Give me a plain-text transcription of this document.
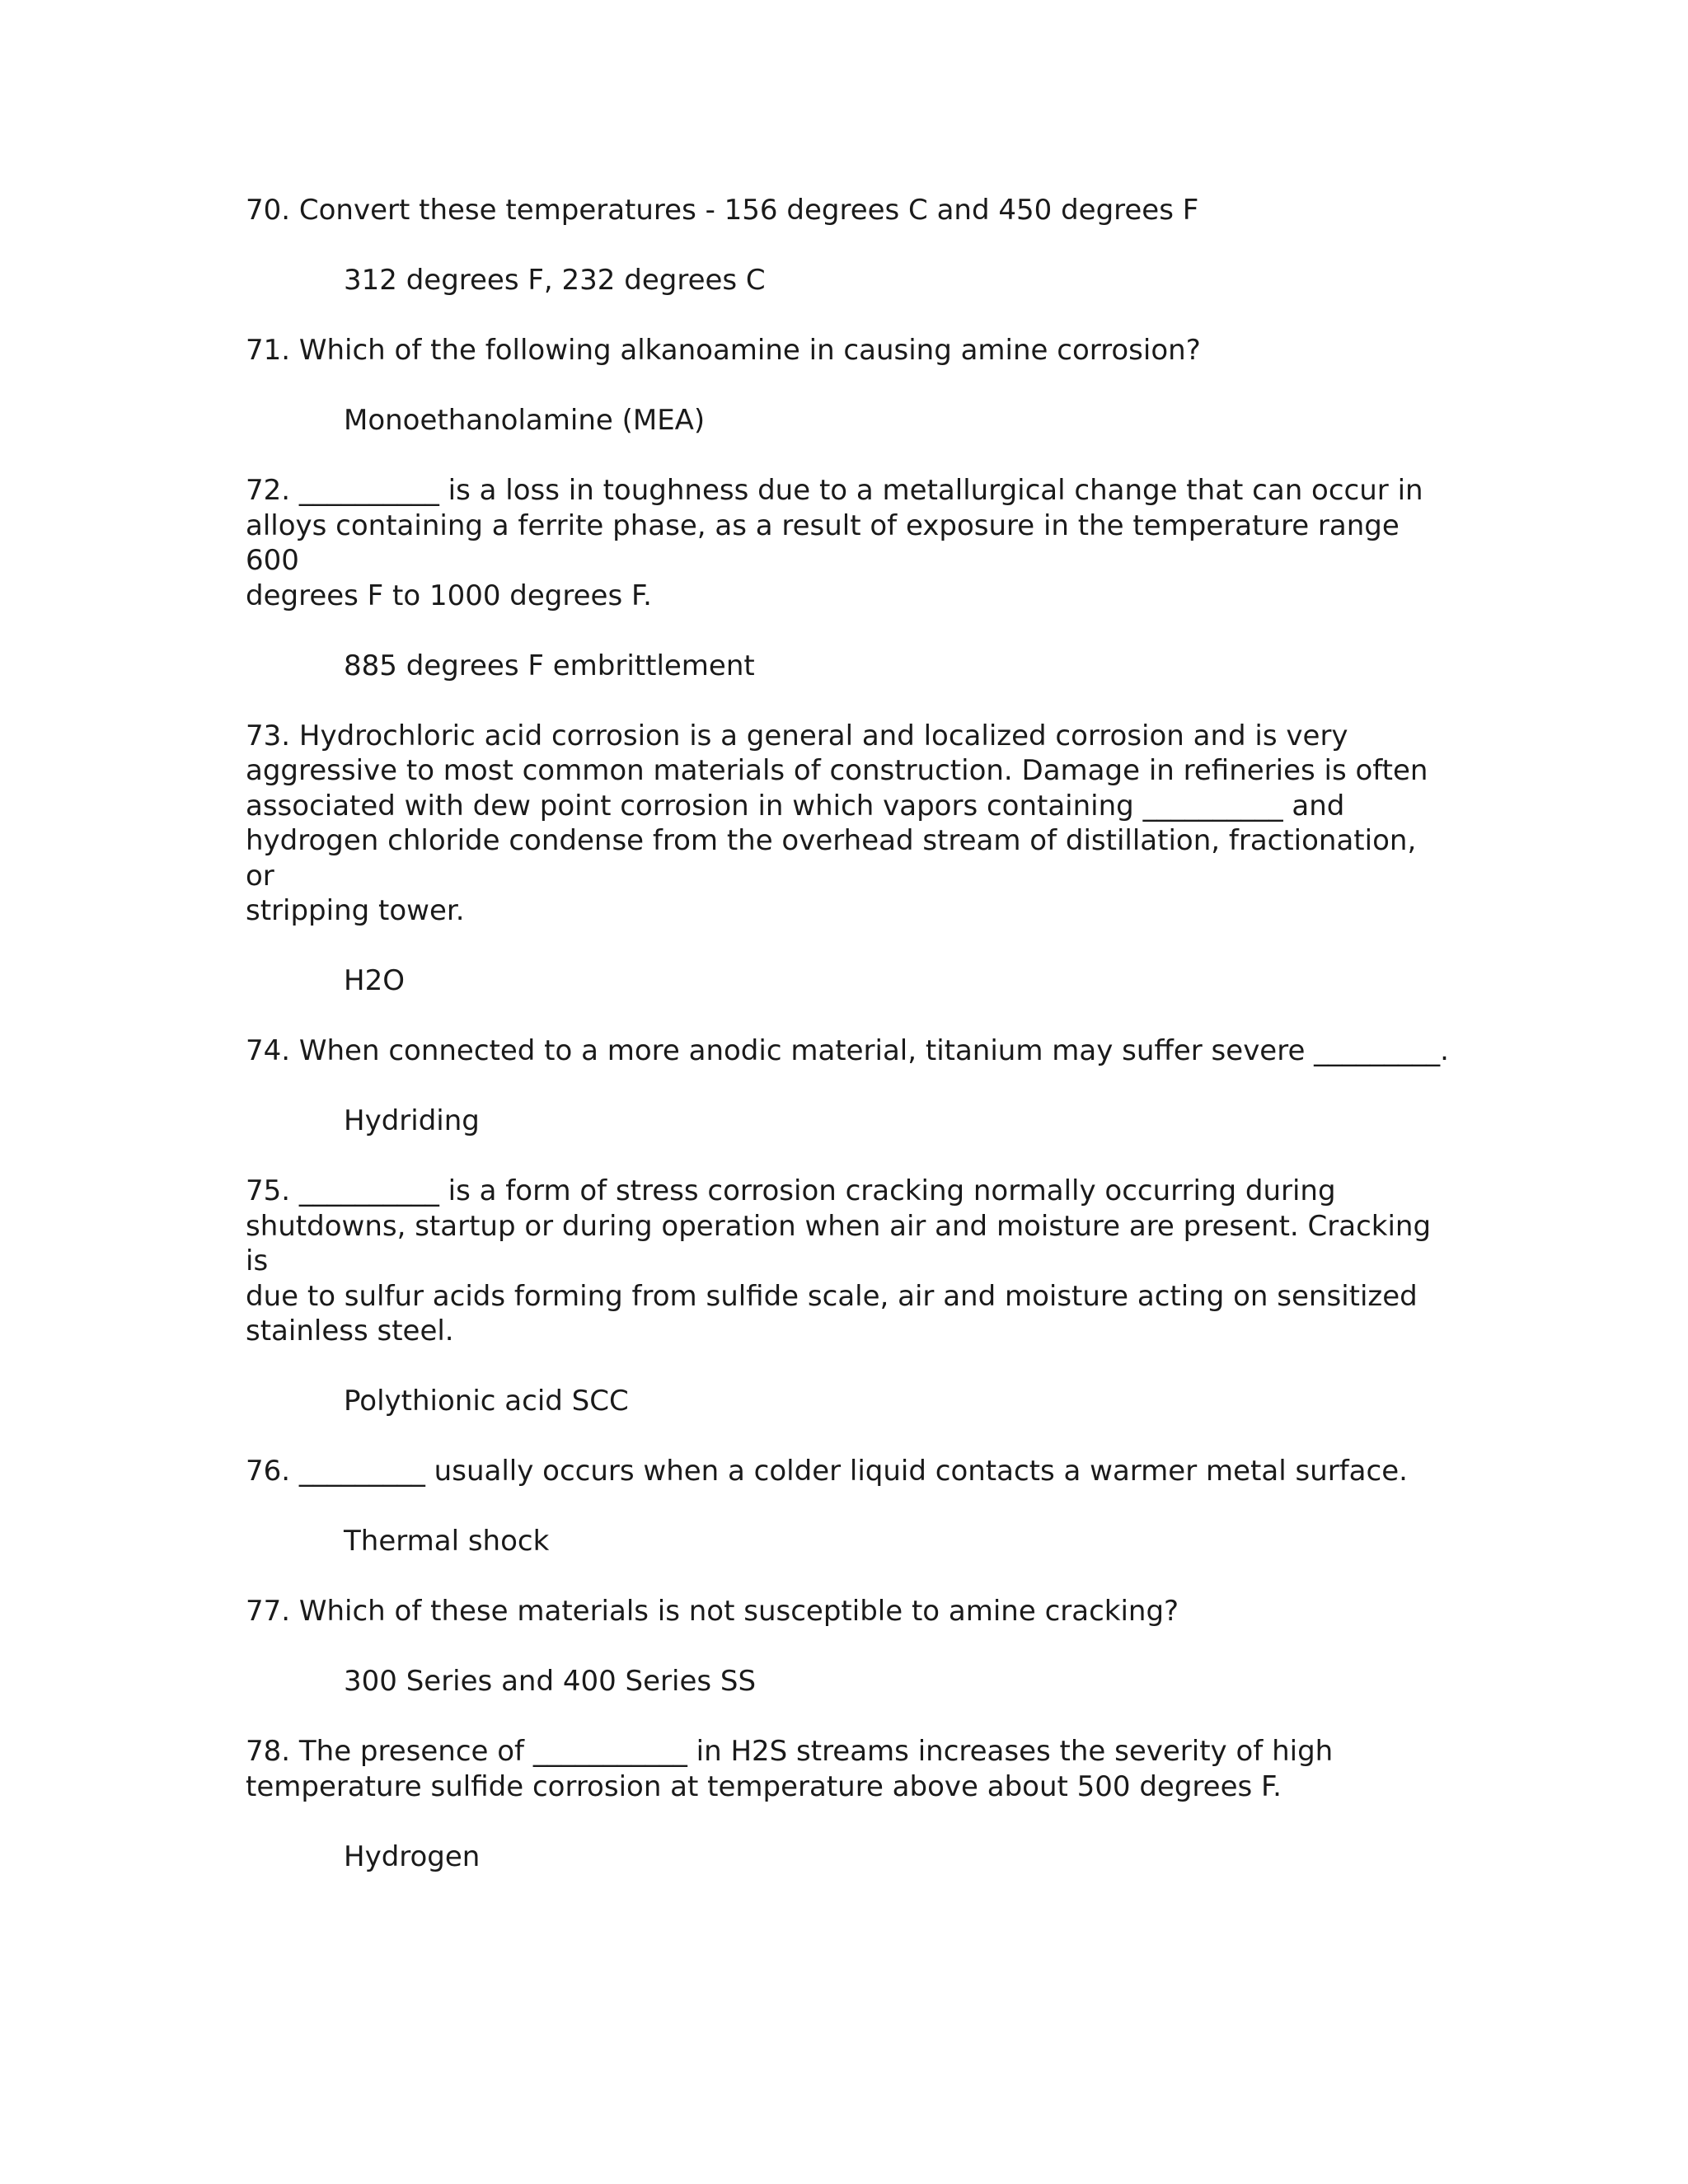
70. Convert these temperatures - 156 degrees C and 450 degrees F

312 degrees F, 232 degrees C

71. Which of the following alkanoamine in causing amine corrosion?

Monoethanolamine (MEA)

72. __________ is a loss in toughness due to a metallurgical change that can occur in
alloys containing a ferrite phase, as a result of exposure in the temperature range 600
degrees F to 1000 degrees F.

885 degrees F embrittlement

73. Hydrochloric acid corrosion is a general and localized corrosion and is very
aggressive to most common materials of construction. Damage in refineries is often
associated with dew point corrosion in which vapors containing __________ and
hydrogen chloride condense from the overhead stream of distillation, fractionation, or
stripping tower.

H2O

74. When connected to a more anodic material, titanium may suffer severe _________.

Hydriding

75. __________ is a form of stress corrosion cracking normally occurring during
shutdowns, startup or during operation when air and moisture are present. Cracking is
due to sulfur acids forming from sulfide scale, air and moisture acting on sensitized
stainless steel.

Polythionic acid SCC

76. _________ usually occurs when a colder liquid contacts a warmer metal surface.

Thermal shock

77. Which of these materials is not susceptible to amine cracking?

300 Series and 400 Series SS

78. The presence of ___________ in H2S streams increases the severity of high
temperature sulfide corrosion at temperature above about 500 degrees F.

Hydrogen
